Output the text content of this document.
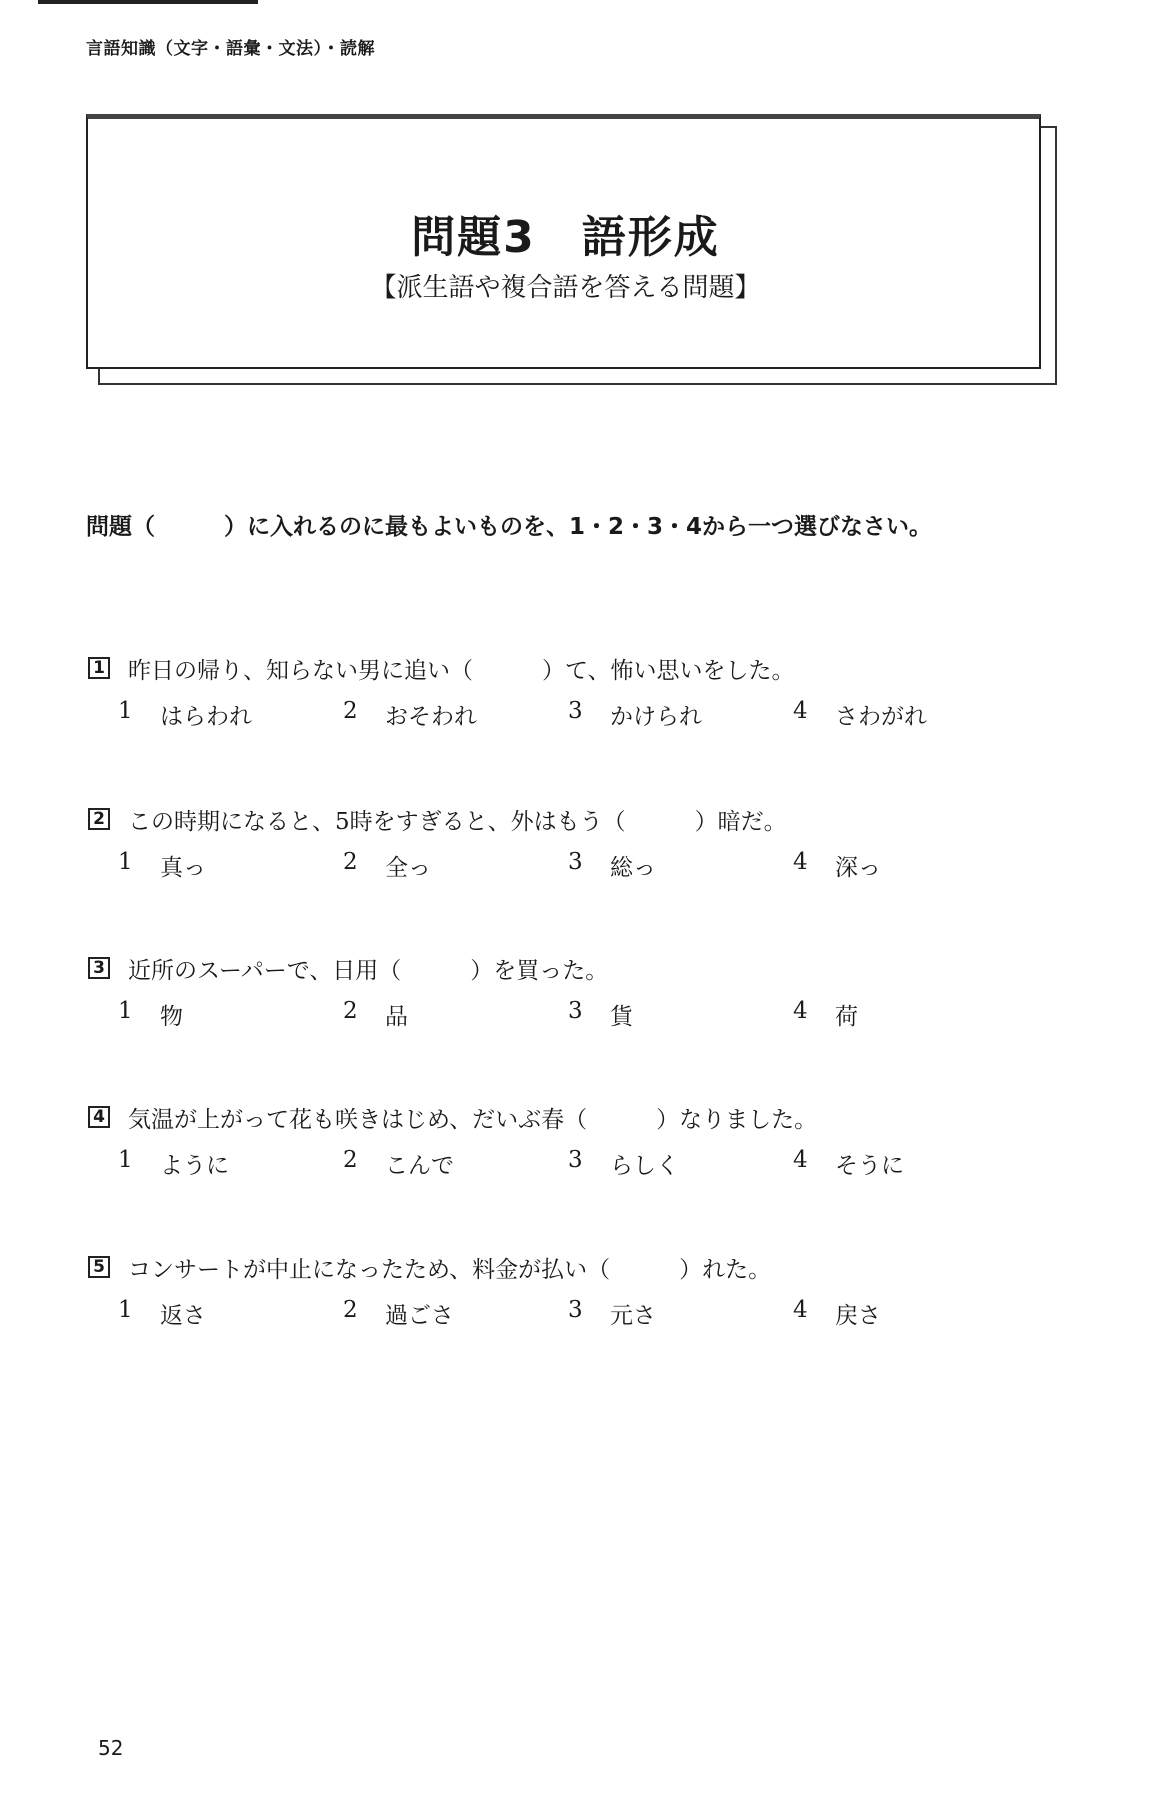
言語知識（文字・語彙・文法）・読解
問題3　語形成
【派生語や複合語を答える問題】
問題（　　　）に入れるのに最もよいものを、1・2・3・4から一つ選びなさい。
1 昨日の帰り、知らない男に追い（　　　）て、怖い思いをした。
1	はらわれ	2	おそわれ	3	かけられ	4	さわがれ
2 この時期になると、5時をすぎると、外はもう（　　　）暗だ。
1	真っ	2	全っ	3	総っ	4	深っ
3 近所のスーパーで、日用（　　　）を買った。
1	物	2	品	3	貨	4	荷
4 気温が上がって花も咲きはじめ、だいぶ春（　　　）なりました。
1	ように	2	こんで	3	らしく	4	そうに
5 コンサートが中止になったため、料金が払い（　　　）れた。
1	返さ	2	過ごさ	3	元さ	4	戻さ
52
